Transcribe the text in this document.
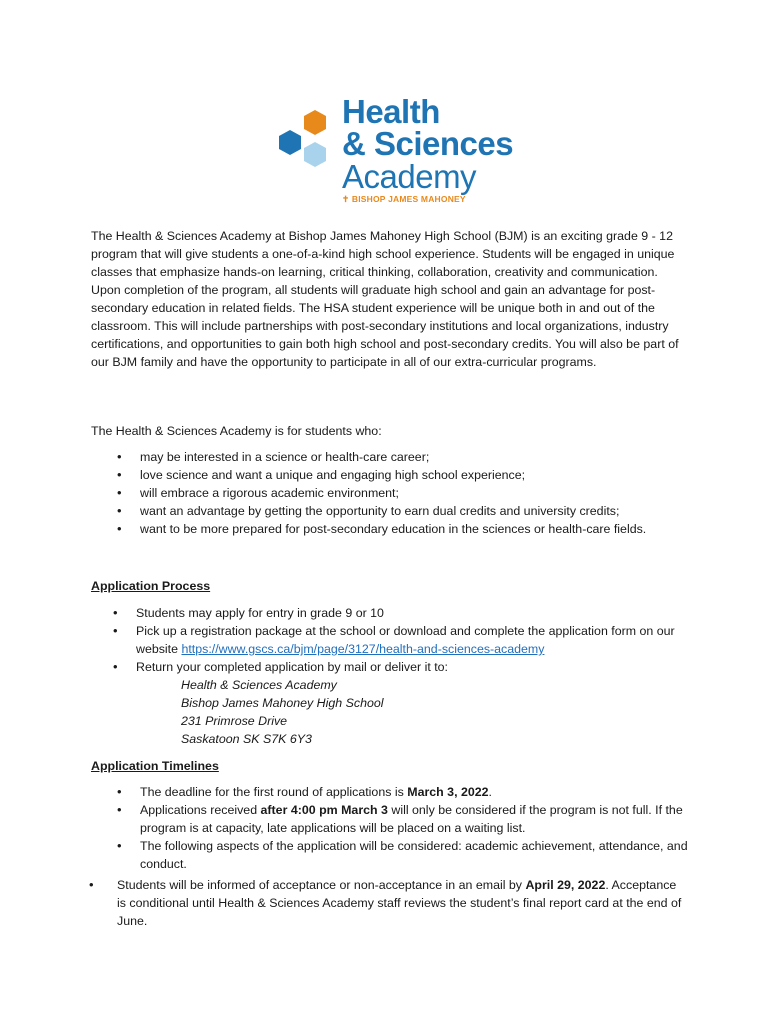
Health
& Sciences
Academy
✝ BISHOP JAMES MAHONEY

The Health & Sciences Academy at Bishop James Mahoney High School (BJM) is an exciting grade 9 - 12 program that will give students a one-of-a-kind high school experience. Students will be engaged in unique classes that emphasize hands-on learning, critical thinking, collaboration, creativity and communication. Upon completion of the program, all students will graduate high school and gain an advantage for post-secondary education in related fields. The HSA student experience will be unique both in and out of the classroom. This will include partnerships with post-secondary institutions and local organizations, industry certifications, and opportunities to gain both high school and post-secondary credits. You will also be part of our BJM family and have the opportunity to participate in all of our extra-curricular programs.

The Health & Sciences Academy is for students who:

• may be interested in a science or health-care career;
• love science and want a unique and engaging high school experience;
• will embrace a rigorous academic environment;
• want an advantage by getting the opportunity to earn dual credits and university credits;
• want to be more prepared for post-secondary education in the sciences or health-care fields.

Application Process

• Students may apply for entry in grade 9 or 10
• Pick up a registration package at the school or download and complete the application form on our website https://www.gscs.ca/bjm/page/3127/health-and-sciences-academy
• Return your completed application by mail or deliver it to:
Health & Sciences Academy
Bishop James Mahoney High School
231 Primrose Drive
Saskatoon SK S7K 6Y3

Application Timelines

• The deadline for the first round of applications is March 3, 2022.
• Applications received after 4:00 pm March 3 will only be considered if the program is not full. If the program is at capacity, late applications will be placed on a waiting list.
• The following aspects of the application will be considered: academic achievement, attendance, and conduct.
• Students will be informed of acceptance or non-acceptance in an email by April 29, 2022. Acceptance is conditional until Health & Sciences Academy staff reviews the student’s final report card at the end of June.
